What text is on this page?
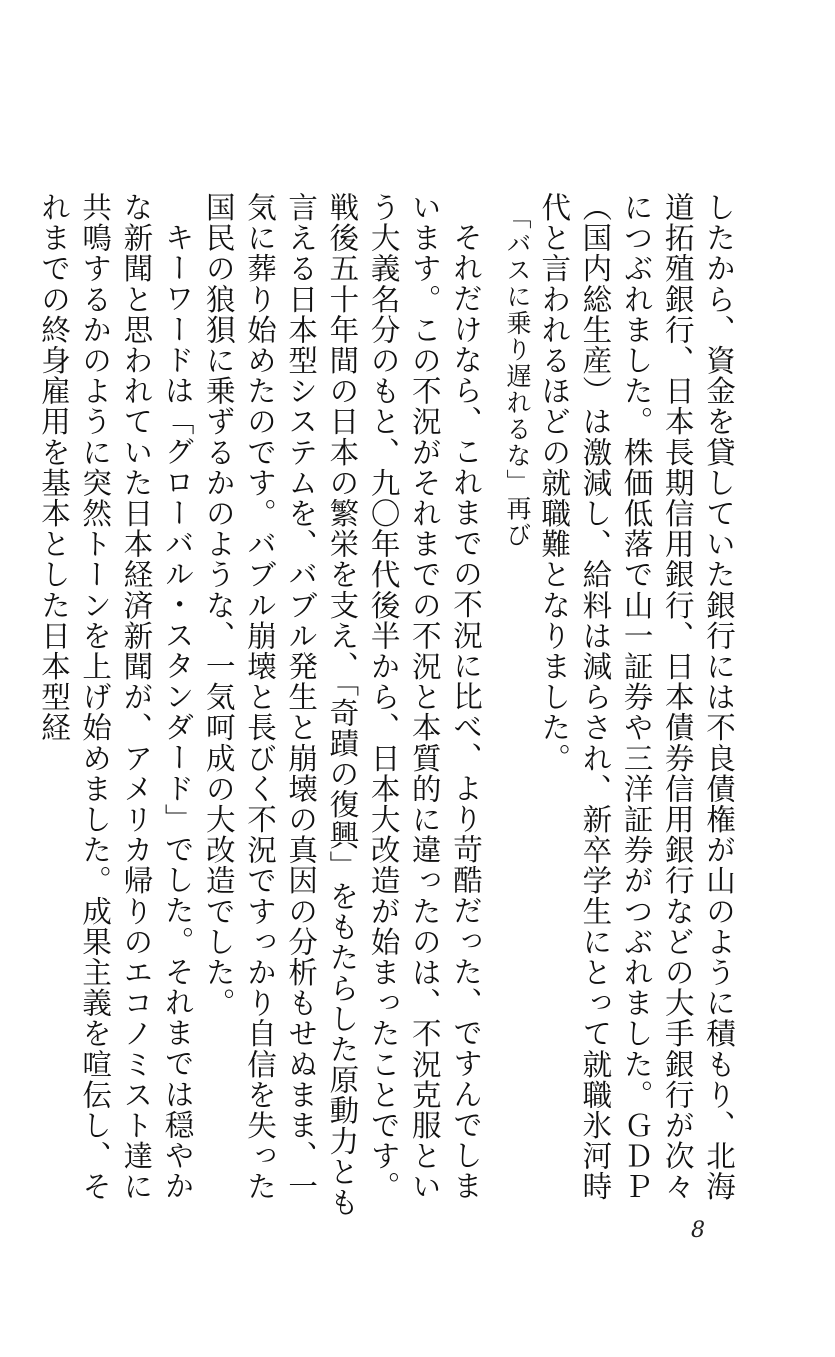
したから、資金を貸していた銀行には不良債権が山のように積もり、北海道拓殖銀行、日本長期信用銀行、日本債券信用銀行などの大手銀行が次々につぶれました。株価低落で山一証券や三洋証券がつぶれました。ＧＤＰ（国内総生産）は激減し、給料は減らされ、新卒学生にとって就職氷河時代と言われるほどの就職難となりました。

「バスに乗り遅れるな」再び

それだけなら、これまでの不況に比べ、より苛酷だった、ですんでしまいます。この不況がそれまでの不況と本質的に違ったのは、不況克服という大義名分のもと、九〇年代後半から、日本大改造が始まったことです。戦後五十年間の日本の繁栄を支え、「奇蹟の復興」をもたらした原動力とも言える日本型システムを、バブル発生と崩壊の真因の分析もせぬまま、一気に葬り始めたのです。バブル崩壊と長びく不況ですっかり自信を失った国民の狼狽に乗ずるかのような、一気呵成の大改造でした。

キーワードは「グローバル・スタンダード」でした。それまでは穏やかな新聞と思われていた日本経済新聞が、アメリカ帰りのエコノミスト達に共鳴するかのように突然トーンを上げ始めました。成果主義を喧伝し、それまでの終身雇用を基本とした日本型経

8
